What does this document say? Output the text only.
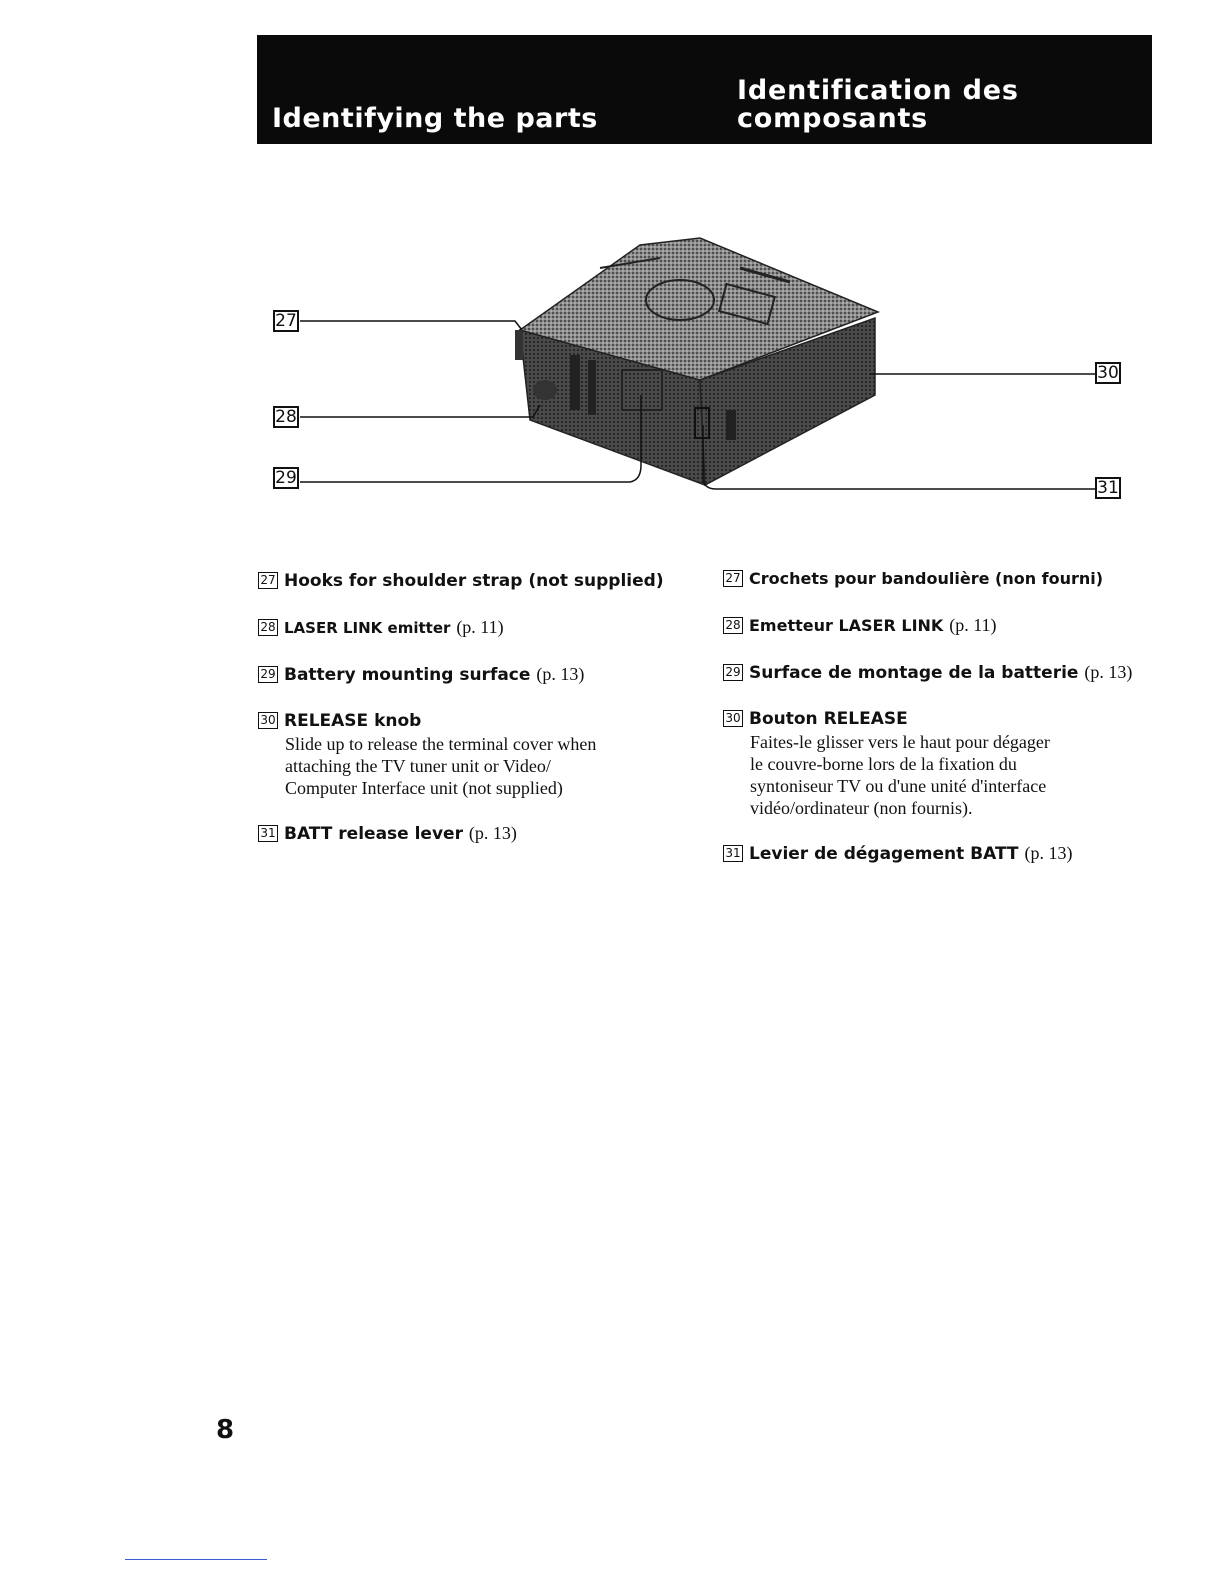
Identifying the parts
Identification des
composants
27
28
29
30
31
27 Hooks for shoulder strap (not supplied)
28 LASER LINK emitter (p. 11)
29 Battery mounting surface (p. 13)
30 RELEASE knob
Slide up to release the terminal cover when
attaching the TV tuner unit or Video/
Computer Interface unit (not supplied)
31 BATT release lever (p. 13)
27 Crochets pour bandoulière (non fourni)
28 Emetteur LASER LINK (p. 11)
29 Surface de montage de la batterie (p. 13)
30 Bouton RELEASE
Faites-le glisser vers le haut pour dégager
le couvre-borne lors de la fixation du
syntoniseur TV ou d'une unité d'interface
vidéo/ordinateur (non fournis).
31 Levier de dégagement BATT (p. 13)
8
